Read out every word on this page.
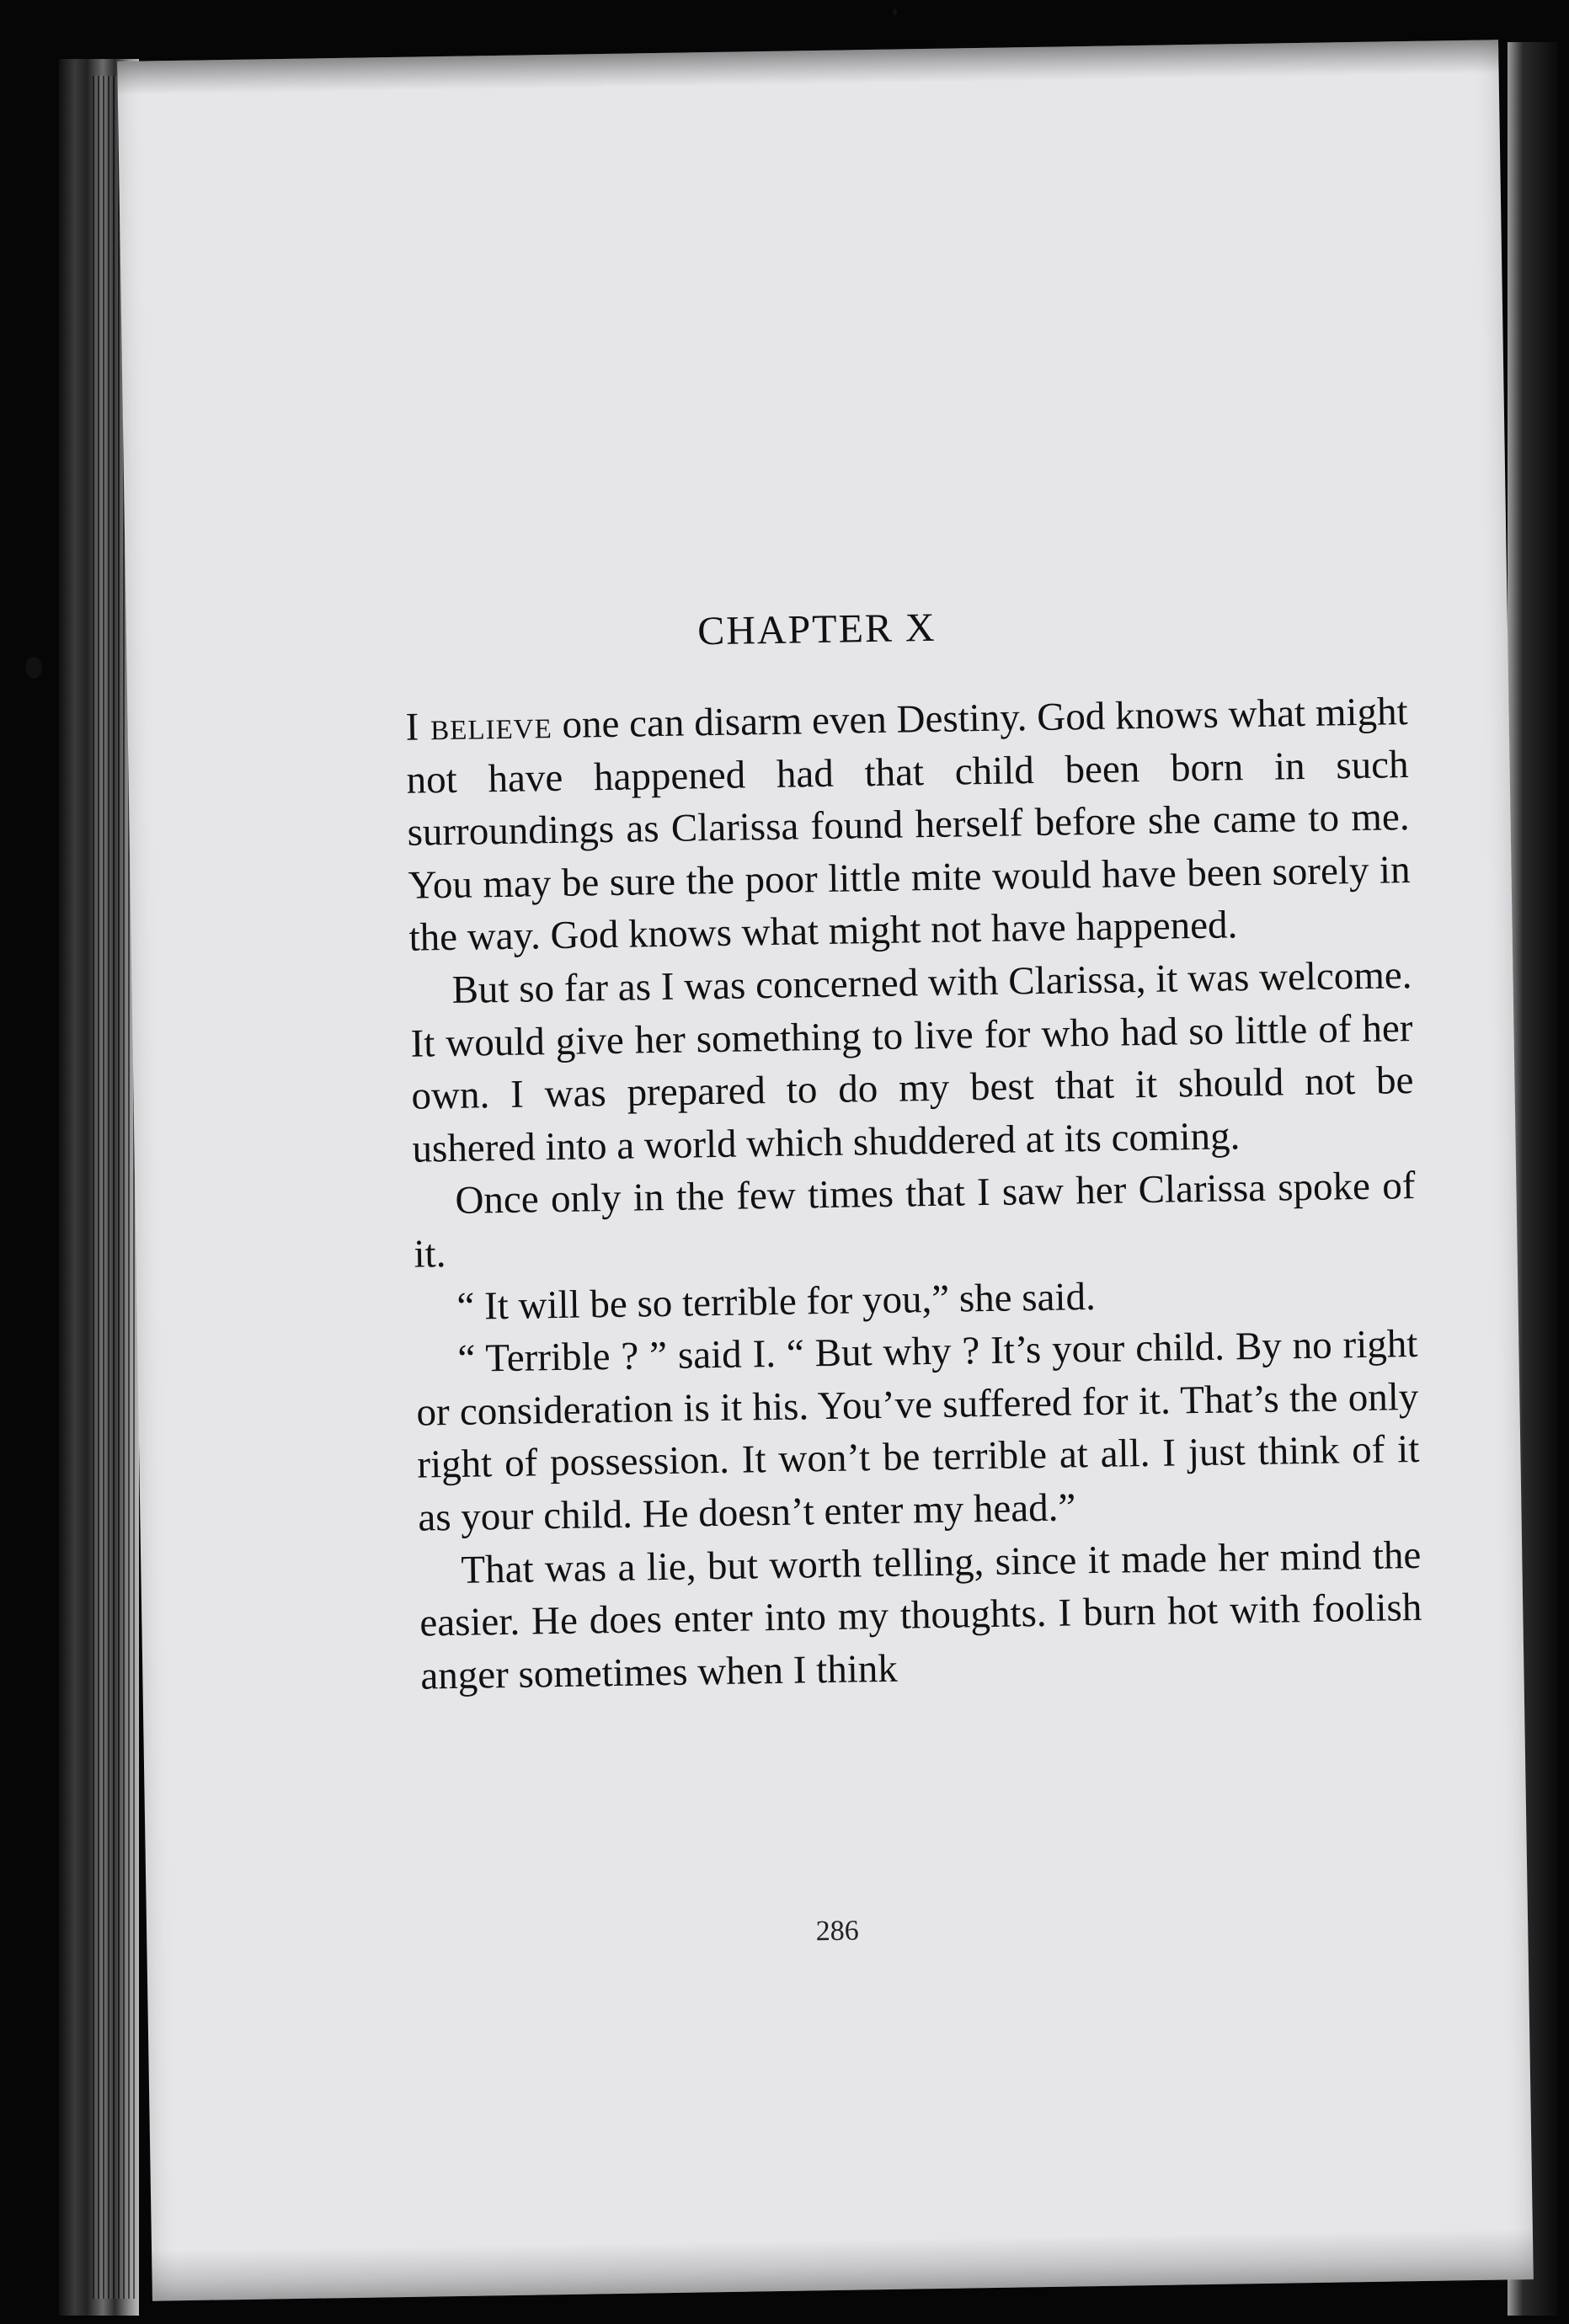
CHAPTER X

I believe one can disarm even Destiny. God knows what might not have happened had that child been born in such surroundings as Clarissa found herself before she came to me. You may be sure the poor little mite would have been sorely in the way. God knows what might not have happened.

But so far as I was concerned with Clarissa, it was welcome. It would give her something to live for who had so little of her own. I was prepared to do my best that it should not be ushered into a world which shuddered at its coming.

Once only in the few times that I saw her Clarissa spoke of it.

“ It will be so terrible for you,” she said.

“ Terrible ? ” said I. “ But why ? It’s your child. By no right or consideration is it his. You’ve suffered for it. That’s the only right of possession. It won’t be terrible at all. I just think of it as your child. He doesn’t enter my head.”

That was a lie, but worth telling, since it made her mind the easier. He does enter into my thoughts. I burn hot with foolish anger sometimes when I think

286
